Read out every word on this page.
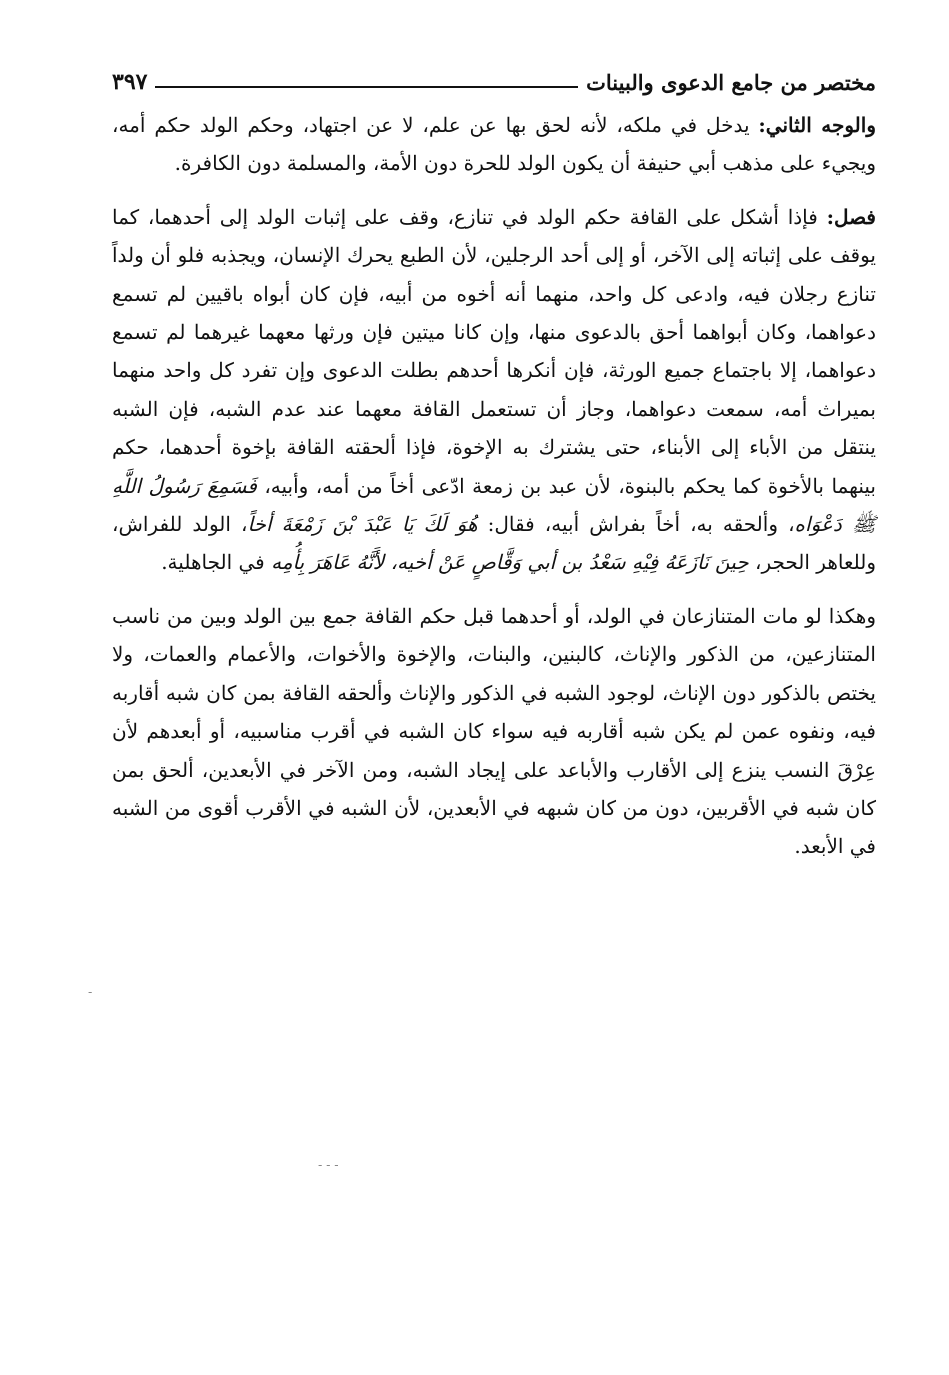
مختصر من جامع الدعوى والبينات
٣٩٧

والوجه الثاني: يدخل في ملكه، لأنه لحق بها عن علم، لا عن اجتهاد، وحكم الولد حكم أمه، ويجيء على مذهب أبي حنيفة أن يكون الولد للحرة دون الأمة، والمسلمة دون الكافرة.

فصل: فإذا أشكل على القافة حكم الولد في تنازع، وقف على إثبات الولد إلى أحدهما، كما يوقف على إثباته إلى الآخر، أو إلى أحد الرجلين، لأن الطبع يحرك الإنسان، ويجذبه فلو أن ولداً تنازع رجلان فيه، وادعى كل واحد، منهما أنه أخوه من أبيه، فإن كان أبواه باقيين لم تسمع دعواهما، وكان أبواهما أحق بالدعوى منها، وإن كانا ميتين فإن ورثها معهما غيرهما لم تسمع دعواهما، إلا باجتماع جميع الورثة، فإن أنكرها أحدهم بطلت الدعوى وإن تفرد كل واحد منهما بميراث أمه، سمعت دعواهما، وجاز أن تستعمل القافة معهما عند عدم الشبه، فإن الشبه ينتقل من الأباء إلى الأبناء، حتى يشترك به الإخوة، فإذا ألحقته القافة بإخوة أحدهما، حكم بينهما بالأخوة كما يحكم بالبنوة، لأن عبد بن زمعة ادّعى أخاً من أمه، وأبيه، فَسَمِعَ رَسُولُ اللَّهِ ﷺ دَعْوَاه، وألحقه به، أخاً بفراش أبيه، فقال: هُوَ لَكَ يَا عَبْدَ بْنَ زَمْعَةَ أخاً، الولد للفراش، وللعاهر الحجر، حِينَ نَازَعَهُ فِيْهِ سَعْدُ بن أبي وَقَّاصٍ عَنْ أخيه، لأَنَّهُ عَاهَرَ بِأُمِه في الجاهلية.

وهكذا لو مات المتنازعان في الولد، أو أحدهما قبل حكم القافة جمع بين الولد وبين من ناسب المتنازعين، من الذكور والإناث، كالبنين، والبنات، والإخوة والأخوات، والأعمام والعمات، ولا يختص بالذكور دون الإناث، لوجود الشبه في الذكور والإناث وألحقه القافة بمن كان شبه أقاربه فيه، ونفوه عمن لم يكن شبه أقاربه فيه سواء كان الشبه في أقرب مناسبيه، أو أبعدهم لأن عِرْقَ النسب ينزع إلى الأقارب والأباعد على إيجاد الشبه، ومن الآخر في الأبعدين، ألحق بمن كان شبه في الأقربين، دون من كان شبهه في الأبعدين، لأن الشبه في الأقرب أقوى من الشبه في الأبعد.

-
- - -
